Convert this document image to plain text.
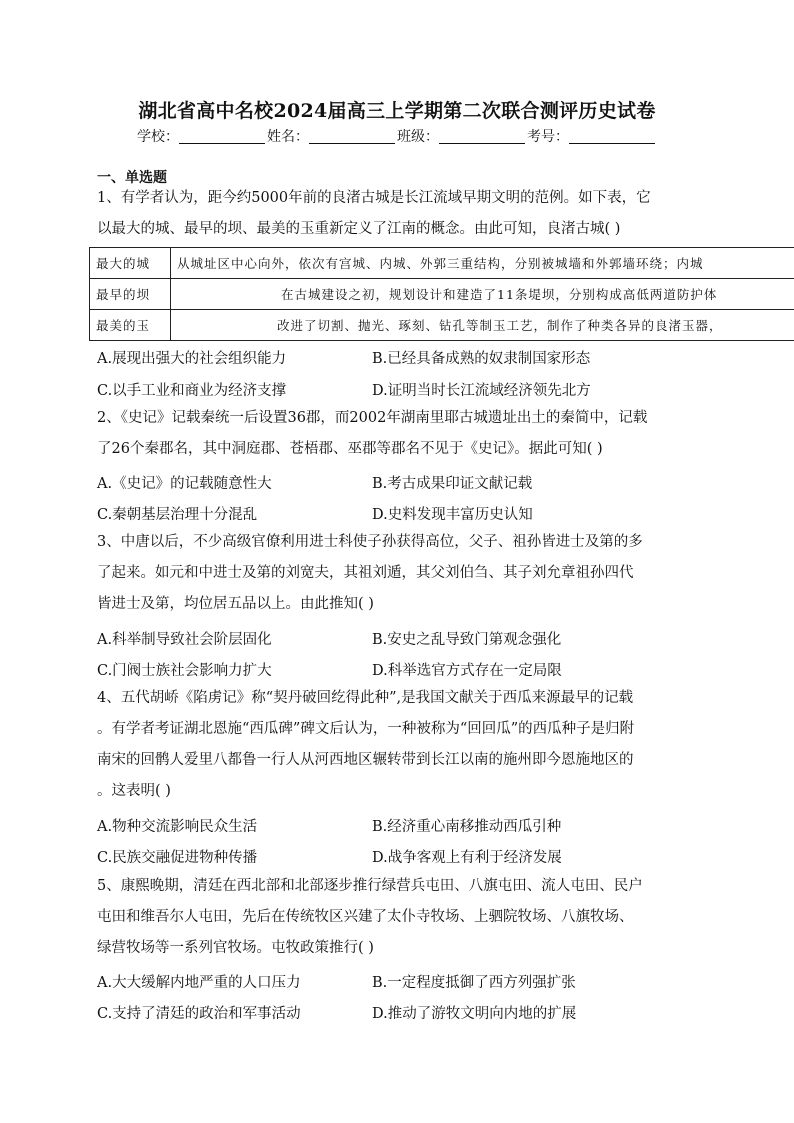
湖北省高中名校2024届高三上学期第二次联合测评历史试卷
学校：	姓名：	班级：	考号：
一、单选题
1、有学者认为，距今约5000年前的良渚古城是长江流域早期文明的范例。如下表，它
以最大的城、最早的坝、最美的玉重新定义了江南的概念。由此可知，良渚古城( )
最大的城	从城址区中心向外，依次有宫城、内城、外郭三重结构，分别被城墙和外郭墙环绕；内城
最早的坝	在古城建设之初，规划设计和建造了11条堤坝，分别构成高低两道防护体
最美的玉	改进了切割、抛光、琢刻、钻孔等制玉工艺，制作了种类各异的良渚玉器，
A.展现出强大的社会组织能力	B.已经具备成熟的奴隶制国家形态
C.以手工业和商业为经济支撑	D.证明当时长江流域经济领先北方
2、《史记》记载秦统一后设置36郡，而2002年湖南里耶古城遗址出土的秦简中，记载
了26个秦郡名，其中洞庭郡、苍梧郡、巫郡等郡名不见于《史记》。据此可知( )
A.《史记》的记载随意性大	B.考古成果印证文献记载
C.秦朝基层治理十分混乱	D.史料发现丰富历史认知
3、中唐以后，不少高级官僚利用进士科使子孙获得高位，父子、祖孙皆进士及第的多
了起来。如元和中进士及第的刘宽夫，其祖刘遁，其父刘伯刍、其子刘允章祖孙四代
皆进士及第，均位居五品以上。由此推知( )
A.科举制导致社会阶层固化	B.安史之乱导致门第观念强化
C.门阀士族社会影响力扩大	D.科举选官方式存在一定局限
4、五代胡峤《陷虏记》称“契丹破回纥得此种”,是我国文献关于西瓜来源最早的记载
。有学者考证湖北恩施“西瓜碑”碑文后认为，一种被称为“回回瓜”的西瓜种子是归附
南宋的回鹘人爱里八都鲁一行人从河西地区辗转带到长江以南的施州即今恩施地区的
。这表明( )
A.物种交流影响民众生活	B.经济重心南移推动西瓜引种
C.民族交融促进物种传播	D.战争客观上有利于经济发展
5、康熙晚期，清廷在西北部和北部逐步推行绿营兵屯田、八旗屯田、流人屯田、民户
屯田和维吾尔人屯田，先后在传统牧区兴建了太仆寺牧场、上驷院牧场、八旗牧场、
绿营牧场等一系列官牧场。屯牧政策推行( )
A.大大缓解内地严重的人口压力	B.一定程度抵御了西方列强扩张
C.支持了清廷的政治和军事活动	D.推动了游牧文明向内地的扩展
